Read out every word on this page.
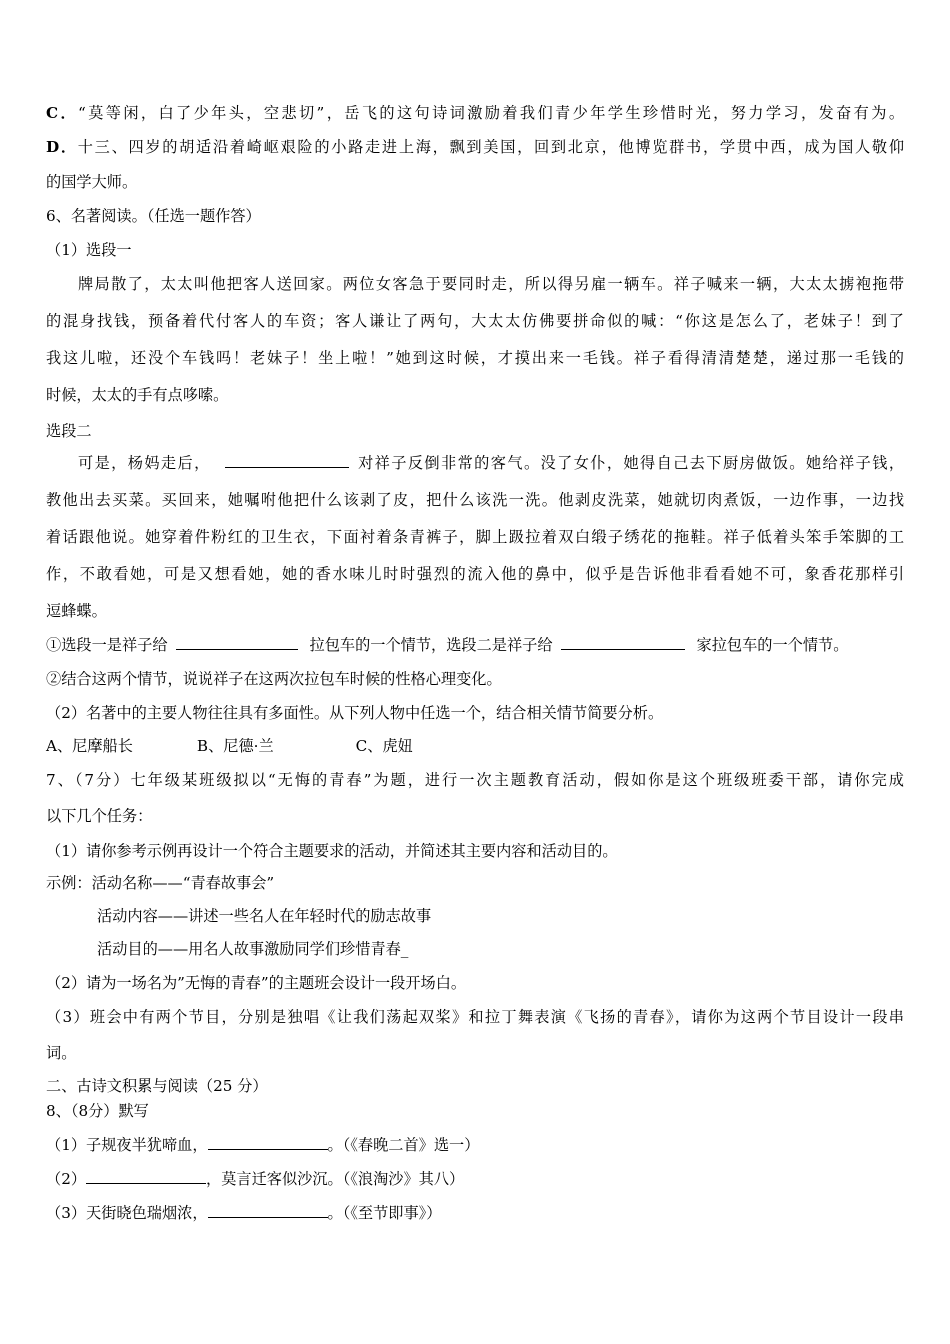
C．“莫等闲，白了少年头，空悲切”，岳飞的这句诗词激励着我们青少年学生珍惜时光，努力学习，发奋有为。
D．十三、四岁的胡适沿着崎岖艰险的小路走进上海，飘到美国，回到北京，他博览群书，学贯中西，成为国人敬仰
的国学大师。
6、名著阅读。（任选一题作答）
（1）选段一
牌局散了，太太叫他把客人送回家。两位女客急于要同时走，所以得另雇一辆车。祥子喊来一辆，大太太掳袍拖带
的混身找钱，预备着代付客人的车资；客人谦让了两句，大太太仿佛要拼命似的喊：“你这是怎么了，老妹子！到了
我这儿啦，还没个车钱吗！老妹子！坐上啦！”她到这时候，才摸出来一毛钱。祥子看得清清楚楚，递过那一毛钱的
时候，太太的手有点哆嗦。
选段二
可是，杨妈走后，	对祥子反倒非常的客气。没了女仆，她得自己去下厨房做饭。她给祥子钱，
教他出去买菜。买回来，她嘱咐他把什么该剥了皮，把什么该洗一洗。他剥皮洗菜，她就切肉煮饭，一边作事，一边找
着话跟他说。她穿着件粉红的卫生衣，下面衬着条青裤子，脚上趿拉着双白缎子绣花的拖鞋。祥子低着头笨手笨脚的工
作，不敢看她，可是又想看她，她的香水味儿时时强烈的流入他的鼻中，似乎是告诉他非看看她不可，象香花那样引
逗蜂蝶。
①选段一是祥子给	拉包车的一个情节，选段二是祥子给	家拉包车的一个情节。
②结合这两个情节，说说祥子在这两次拉包车时候的性格心理变化。
（2）名著中的主要人物往往具有多面性。从下列人物中任选一个，结合相关情节简要分析。
A、尼摩船长	B、尼德·兰	C、虎妞
7、（7分）七年级某班级拟以“无悔的青春”为题，进行一次主题教育活动，假如你是这个班级班委干部，请你完成
以下几个任务：
（1）请你参考示例再设计一个符合主题要求的活动，并简述其主要内容和活动目的。
示例：活动名称——“青春故事会”
活动内容——讲述一些名人在年轻时代的励志故事
活动目的——用名人故事激励同学们珍惜青春_
（2）请为一场名为”无悔的青春”的主题班会设计一段开场白。
（3）班会中有两个节目，分别是独唱《让我们荡起双桨》和拉丁舞表演《飞扬的青春》，请你为这两个节目设计一段串
词。
二、古诗文积累与阅读（25 分）
8、（8分）默写
（1）子规夜半犹啼血，	。（《春晚二首》选一）
（2）	，莫言迁客似沙沉。（《浪淘沙》其八）
（3）天街晓色瑞烟浓，	。（《至节即事》）
